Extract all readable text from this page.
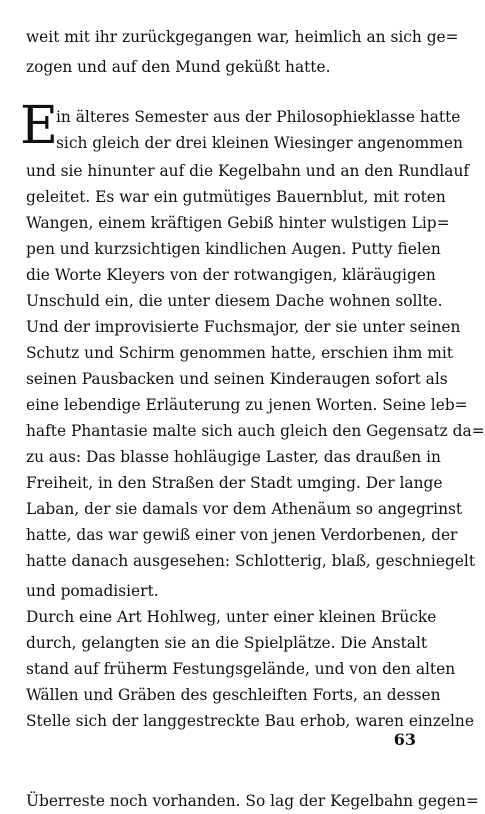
weit mit ihr zurückgegangen war, heimlich an sich ge=
zogen und auf den Mund geküßt hatte.
E
in älteres Semester aus der Philosophieklasse hatte
sich gleich der drei kleinen Wiesinger angenommen
und sie hinunter auf die Kegelbahn und an den Rundlauf
geleitet. Es war ein gutmütiges Bauernblut, mit roten
Wangen, einem kräftigen Gebiß hinter wulstigen Lip=
pen und kurzsichtigen kindlichen Augen. Putty fielen
die Worte Kleyers von der rotwangigen, kläräugigen
Unschuld ein, die unter diesem Dache wohnen sollte.
Und der improvisierte Fuchsmajor, der sie unter seinen
Schutz und Schirm genommen hatte, erschien ihm mit
seinen Pausbacken und seinen Kinderaugen sofort als
eine lebendige Erläuterung zu jenen Worten. Seine leb=
hafte Phantasie malte sich auch gleich den Gegensatz da=
zu aus: Das blasse hohläugige Laster, das draußen in
Freiheit, in den Straßen der Stadt umging. Der lange
Laban, der sie damals vor dem Athenäum so angegrinst
hatte, das war gewiß einer von jenen Verdorbenen, der
hatte danach ausgesehen: Schlotterig, blaß, geschniegelt
und pomadisiert.
Durch eine Art Hohlweg, unter einer kleinen Brücke
durch, gelangten sie an die Spielplätze. Die Anstalt
stand auf früherm Festungsgelände, und von den alten
Wällen und Gräben des geschleiften Forts, an dessen
Stelle sich der langgestreckte Bau erhob, waren einzelne
Überreste noch vorhanden. So lag der Kegelbahn gegen=
63
